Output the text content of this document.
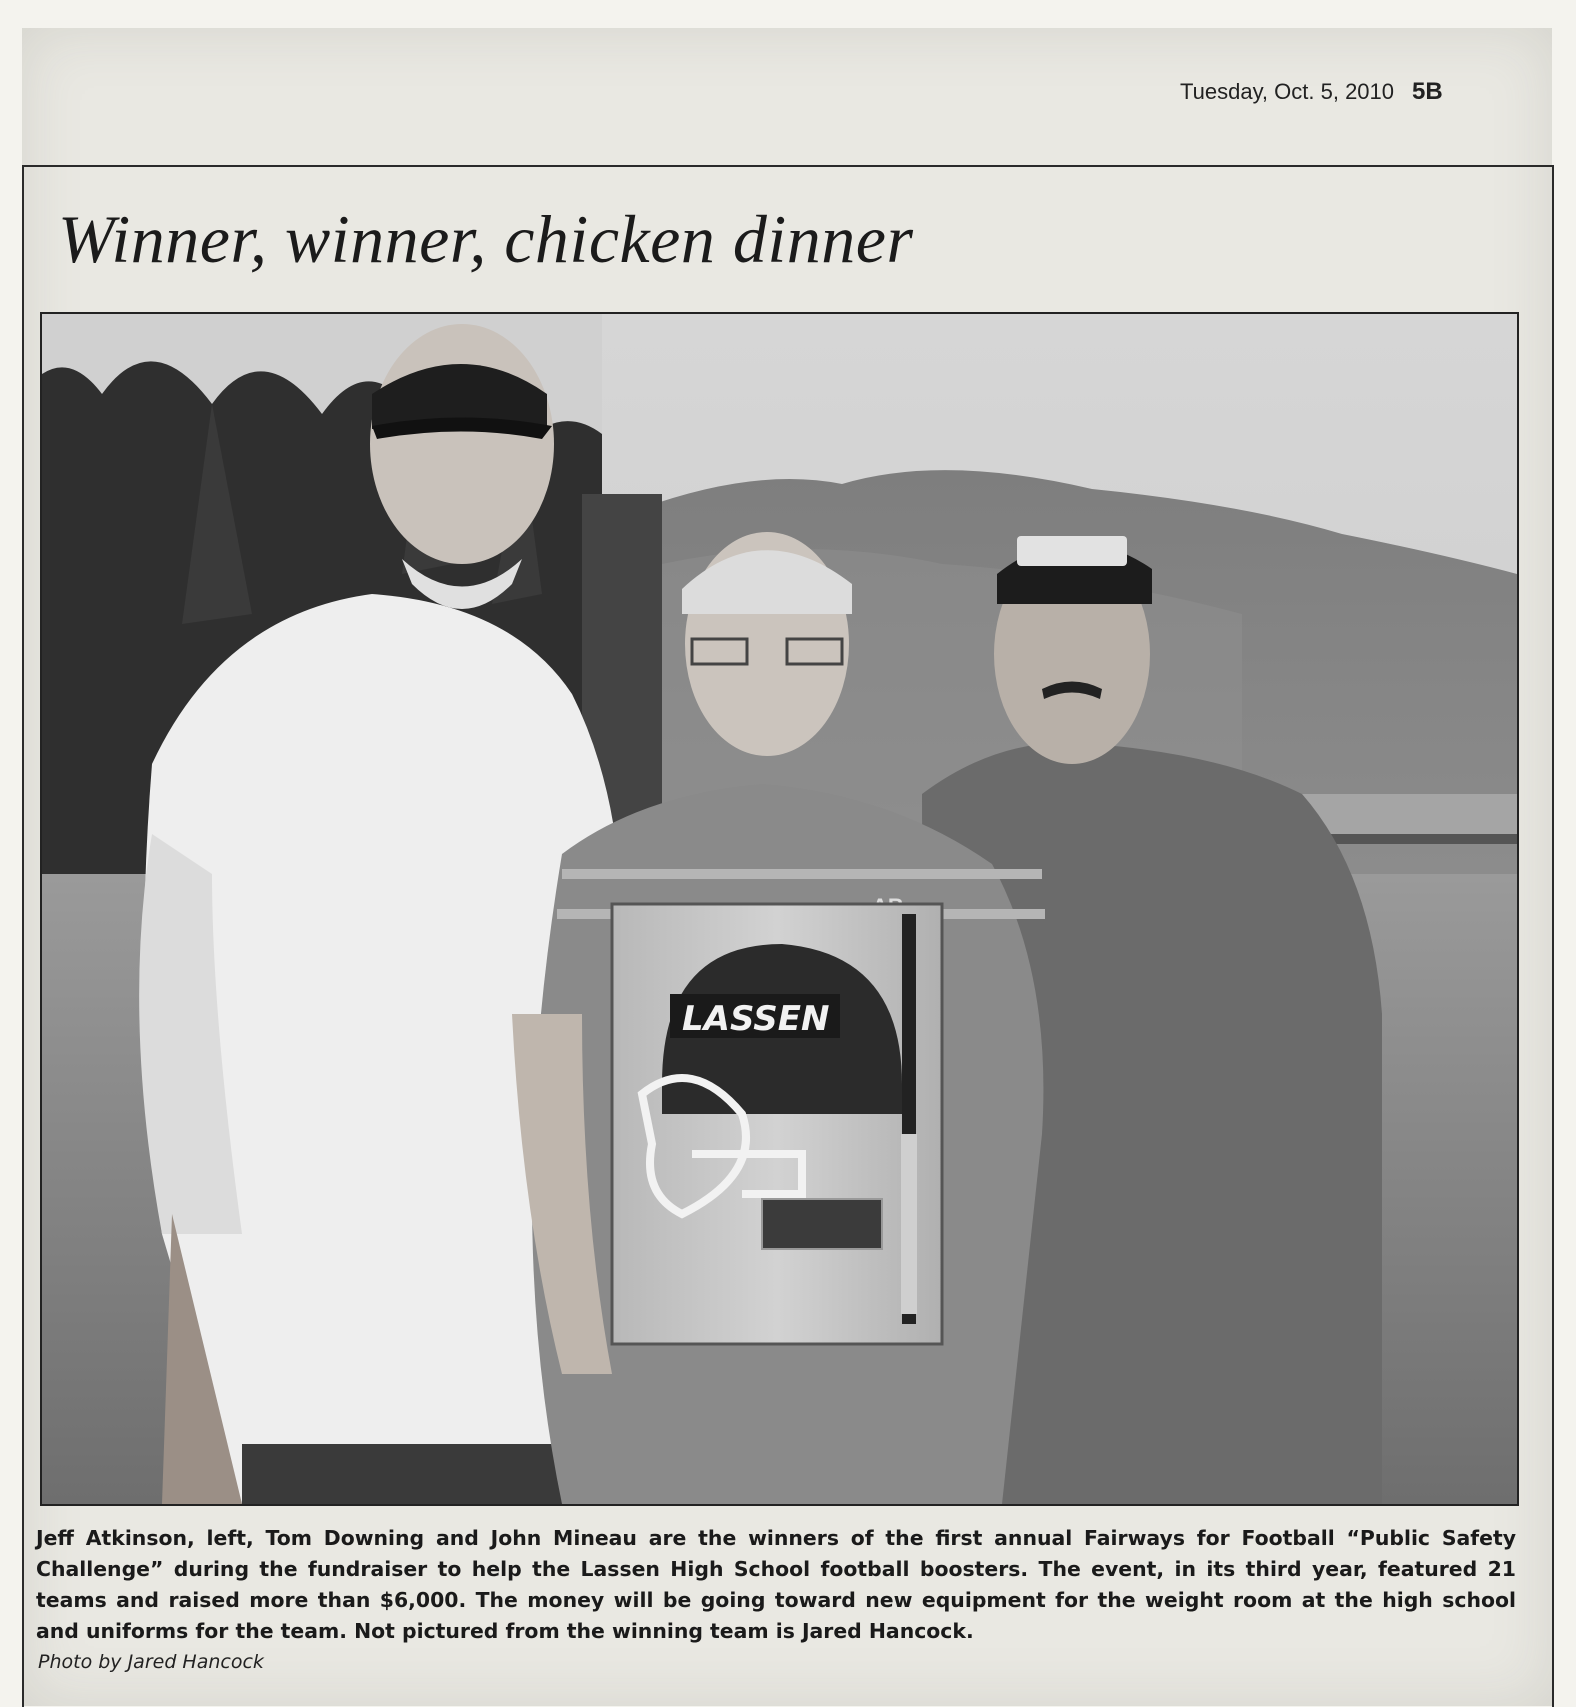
Tuesday, Oct. 5, 2010 5B
Winner, winner, chicken dinner
LASSEN
Jeff Atkinson, left, Tom Downing and John Mineau are the winners of the first annual Fairways for Football “Public Safety Challenge” during the fundraiser to help the Lassen High School football boosters. The event, in its third year, featured 21 teams and raised more than $6,000. The money will be going toward new equipment for the weight room at the high school and uniforms for the team. Not pictured from the winning team is Jared Hancock.
Photo by Jared Hancock
